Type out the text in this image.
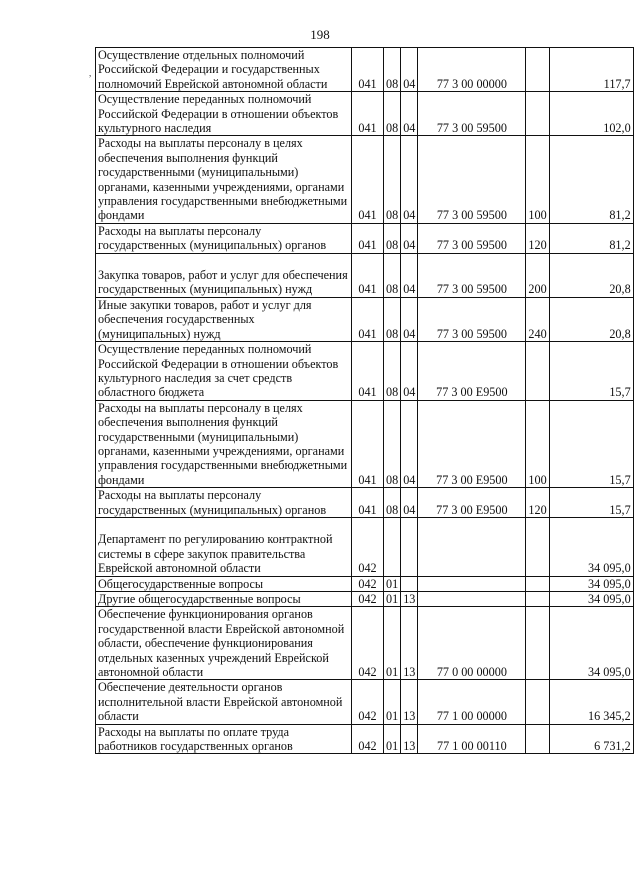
198
,
Осуществление отдельных полномочий Российской Федерации и государственных полномочий Еврейской автономной области	041	08	04	77 3 00 00000		117,7
Осуществление переданных полномочий Российской Федерации в отношении объектов культурного наследия	041	08	04	77 3 00 59500		102,0
Расходы на выплаты персоналу в целях обеспечения выполнения функций государственными (муниципальными) органами, казенными учреждениями, органами управления государственными внебюджетными фондами	041	08	04	77 3 00 59500	100	81,2
Расходы на выплаты персоналу государственных (муниципальных) органов	041	08	04	77 3 00 59500	120	81,2
Закупка товаров, работ и услуг для обеспечения государственных (муниципальных) нужд	041	08	04	77 3 00 59500	200	20,8
Иные закупки товаров, работ и услуг для обеспечения государственных (муниципальных) нужд	041	08	04	77 3 00 59500	240	20,8
Осуществление переданных полномочий Российской Федерации в отношении объектов культурного наследия за счет средств областного бюджета	041	08	04	77 3 00 E9500		15,7
Расходы на выплаты персоналу в целях обеспечения выполнения функций государственными (муниципальными) органами, казенными учреждениями, органами управления государственными внебюджетными фондами	041	08	04	77 3 00 E9500	100	15,7
Расходы на выплаты персоналу государственных (муниципальных) органов	041	08	04	77 3 00 E9500	120	15,7
Департамент по регулированию контрактной системы в сфере закупок правительства Еврейской автономной области	042					34 095,0
Общегосударственные вопросы	042	01				34 095,0
Другие общегосударственные вопросы	042	01	13			34 095,0
Обеспечение функционирования органов государственной власти Еврейской автономной области, обеспечение функционирования отдельных казенных учреждений Еврейской автономной области	042	01	13	77 0 00 00000		34 095,0
Обеспечение деятельности органов исполнительной власти Еврейской автономной области	042	01	13	77 1 00 00000		16 345,2
Расходы на выплаты по оплате труда работников государственных органов	042	01	13	77 1 00 00110		6 731,2
